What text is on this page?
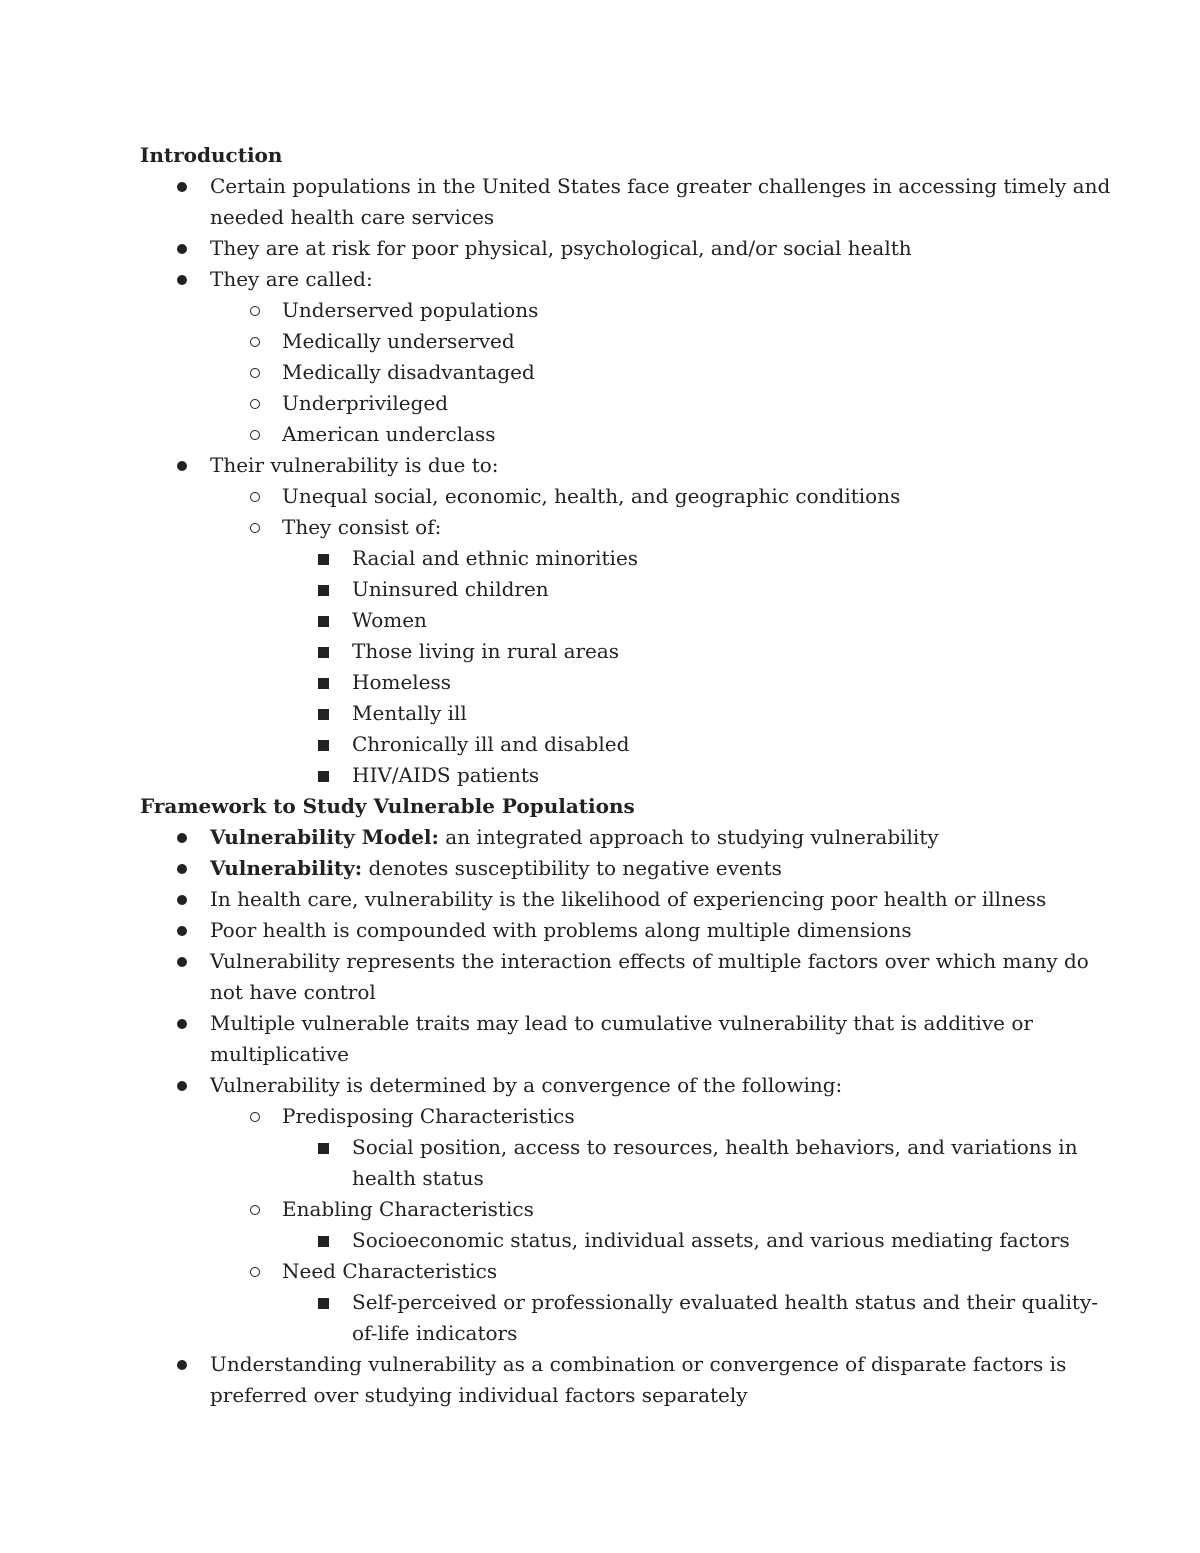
Introduction
Certain populations in the United States face greater challenges in accessing timely and
needed health care services
They are at risk for poor physical, psychological, and/or social health
They are called:
Underserved populations
Medically underserved
Medically disadvantaged
Underprivileged
American underclass
Their vulnerability is due to:
Unequal social, economic, health, and geographic conditions
They consist of:
Racial and ethnic minorities
Uninsured children
Women
Those living in rural areas
Homeless
Mentally ill
Chronically ill and disabled
HIV/AIDS patients
Framework to Study Vulnerable Populations
Vulnerability Model: an integrated approach to studying vulnerability
Vulnerability: denotes susceptibility to negative events
In health care, vulnerability is the likelihood of experiencing poor health or illness
Poor health is compounded with problems along multiple dimensions
Vulnerability represents the interaction effects of multiple factors over which many do
not have control
Multiple vulnerable traits may lead to cumulative vulnerability that is additive or
multiplicative
Vulnerability is determined by a convergence of the following:
Predisposing Characteristics
Social position, access to resources, health behaviors, and variations in
health status
Enabling Characteristics
Socioeconomic status, individual assets, and various mediating factors
Need Characteristics
Self-perceived or professionally evaluated health status and their quality-
of-life indicators
Understanding vulnerability as a combination or convergence of disparate factors is
preferred over studying individual factors separately
